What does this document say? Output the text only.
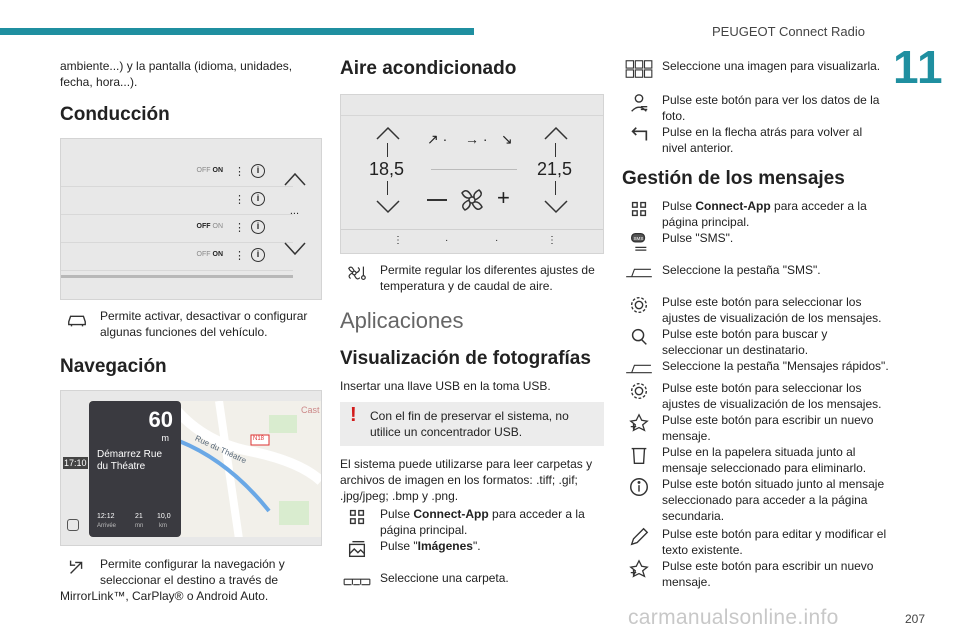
PEUGEOT Connect Radio
11
207
carmanualsonline.info

ambiente...) y la pantalla (idioma, unidades, fecha, hora...).

Conducción
OFF ON ⋮	i
⋮	i
OFF ON ⋮	i
OFF ON ⋮	i
...
Permite activar, desactivar o configurar algunas funciones del vehículo.
Navegación
Rue du Théatre N18
Cast
60
m
Démarrez Rue
du Théatre
12:12
Arrivée
21
mn
10,0
km
17:10
Permite configurar la navegación y seleccionar el destino a través de

MirrorLink™, CarPlay® o Android Auto.

Aire acondicionado
18,5
↗ · → · ↘
+
21,5
⋮	·	·	⋮
Permite regular los diferentes ajustes de temperatura y de caudal de aire.
Aplicaciones
Visualización de fotografías

Insertar una llave USB en la toma USB.

! Con el fin de preservar el sistema, no utilice un concentrador USB.

El sistema puede utilizarse para leer carpetas y archivos de imagen en los formatos: .tiff; .gif; .jpg/jpeg; .bmp y .png.

Pulse Connect-App para acceder a la página principal.
Pulse "Imágenes".
Seleccione una carpeta.
Seleccione una imagen para visualizarla.
Pulse este botón para ver los datos de la foto.
Pulse en la flecha atrás para volver al nivel anterior.
Gestión de los mensajes
Pulse Connect-App para acceder a la página principal.
SMS Pulse "SMS".
Seleccione la pestaña "SMS".
Pulse este botón para seleccionar los ajustes de visualización de los mensajes.
Pulse este botón para buscar y seleccionar un destinatario.
Seleccione la pestaña "Mensajes rápidos".
Pulse este botón para seleccionar los ajustes de visualización de los mensajes.
Pulse este botón para escribir un nuevo mensaje.
Pulse en la papelera situada junto al mensaje seleccionado para eliminarlo.
Pulse este botón situado junto al mensaje seleccionado para acceder a la página secundaria.
Pulse este botón para editar y modificar el texto existente.
Pulse este botón para escribir un nuevo mensaje.
